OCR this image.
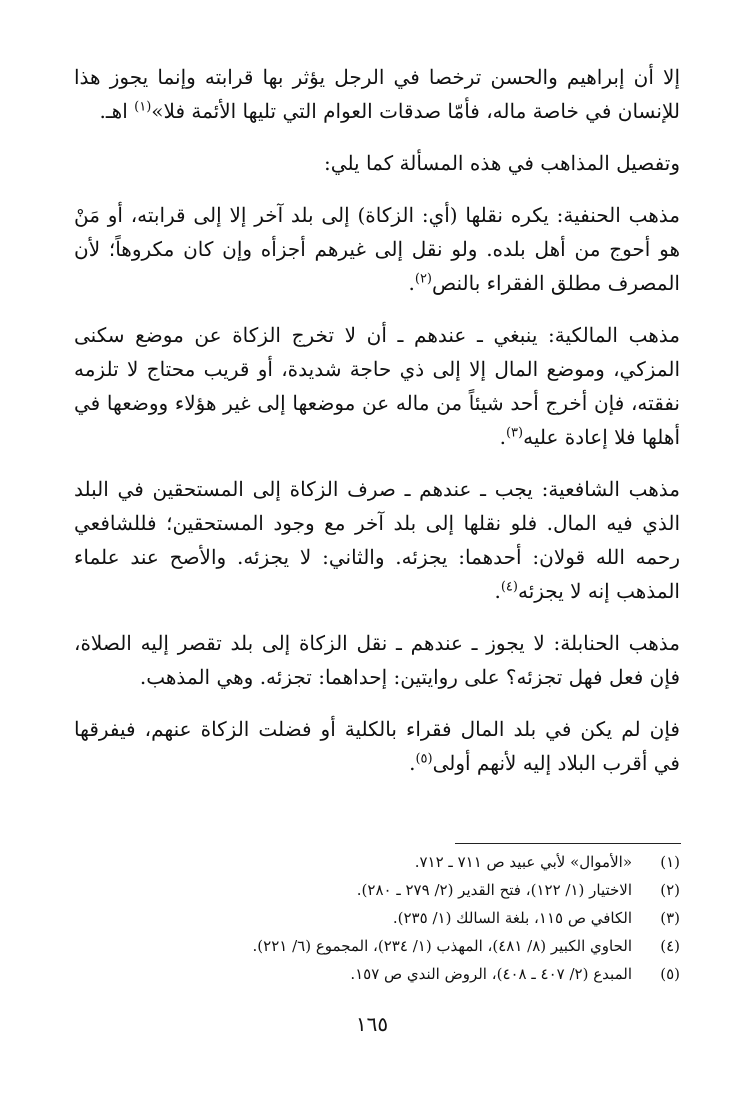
إلا أن إبراهيم والحسن ترخصا في الرجل يؤثر بها قرابته وإنما يجوز هذا للإنسان في خاصة ماله، فأمّا صدقات العوام التي تليها الأئمة فلا»$^{(١)}$ اهـ.

وتفصيل المذاهب في هذه المسألة كما يلي:

مذهب الحنفية: يكره نقلها (أي: الزكاة) إلى بلد آخر إلا إلى قرابته، أو مَنْ هو أحوج من أهل بلده. ولو نقل إلى غيرهم أجزأه وإن كان مكروهاً؛ لأن المصرف مطلق الفقراء بالنص$^{(٢)}$.

مذهب المالكية: ينبغي ـ عندهم ـ أن لا تخرج الزكاة عن موضع سكنى المزكي، وموضع المال إلا إلى ذي حاجة شديدة، أو قريب محتاج لا تلزمه نفقته، فإن أخرج أحد شيئاً من ماله عن موضعها إلى غير هؤلاء ووضعها في أهلها فلا إعادة عليه$^{(٣)}$.

مذهب الشافعية: يجب ـ عندهم ـ صرف الزكاة إلى المستحقين في البلد الذي فيه المال. فلو نقلها إلى بلد آخر مع وجود المستحقين؛ فللشافعي رحمه الله قولان: أحدهما: يجزئه. والثاني: لا يجزئه. والأصح عند علماء المذهب إنه لا يجزئه$^{(٤)}$.

مذهب الحنابلة: لا يجوز ـ عندهم ـ نقل الزكاة إلى بلد تقصر إليه الصلاة، فإن فعل فهل تجزئه؟ على روايتين: إحداهما: تجزئه. وهي المذهب.

فإن لم يكن في بلد المال فقراء بالكلية أو فضلت الزكاة عنهم، فيفرقها في أقرب البلاد إليه لأنهم أولى$^{(٥)}$.

(١)
«الأموال» لأبي عبيد ص ٧١١ ـ ٧١٢.
(٢)
الاختيار (١/ ١٢٢)، فتح القدير (٢/ ٢٧٩ ـ ٢٨٠).
(٣)
الكافي ص ١١٥، بلغة السالك (١/ ٢٣٥).
(٤)
الحاوي الكبير (٨/ ٤٨١)، المهذب (١/ ٢٣٤)، المجموع (٦/ ٢٢١).
(٥)
المبدع (٢/ ٤٠٧ ـ ٤٠٨)، الروض الندي ص ١٥٧.
١٦٥
